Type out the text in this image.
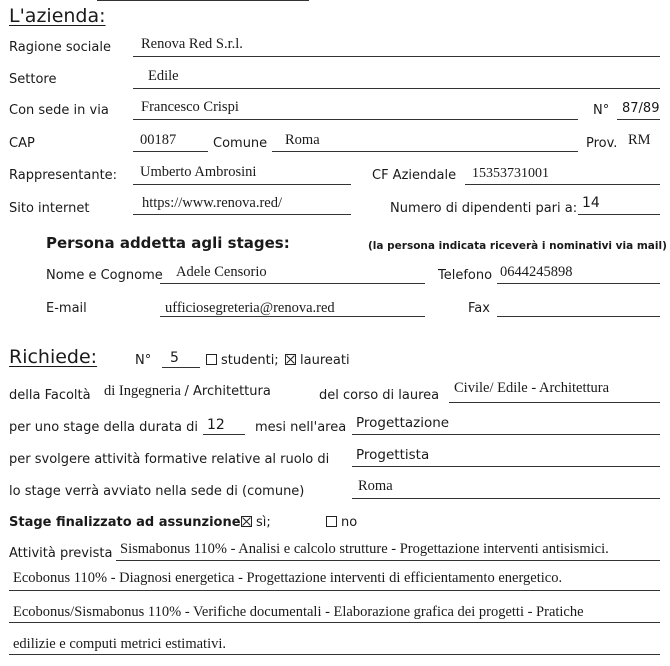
L'azienda:
Ragione sociale Renova Red S.r.l.
Settore	Edile
Con sede in via Francesco Crispi	N° 87/89
CAP	00187	Comune Roma	Prov. RM
Rappresentante: Umberto Ambrosini	CF Aziendale 15353731001
Sito internet	https://www.renova.red/	Numero di dipendenti pari a: 14
Persona addetta agli stages:	(la persona indicata riceverà i nominativi via mail)
Nome e Cognome Adele Censorio	Telefono 0644245898
E-mail	ufficiosegreteria@renova.red	Fax
Richiede:	N° 5	studenti;	laureati
della Facoltà di Ingegneria / Architettura	del corso di laurea Civile/ Edile - Architettura
per uno stage della durata di 12 mesi nell'area Progettazione
per svolgere attività formative relative al ruolo di Progettista
lo stage verrà avviato nella sede di (comune)	Roma
Stage finalizzato ad assunzione	sì;	no
Attività prevista Sismabonus 110% - Analisi e calcolo strutture - Progettazione interventi antisismici.
Ecobonus 110% - Diagnosi energetica - Progettazione interventi di efficientamento energetico.
Ecobonus/Sismabonus 110% - Verifiche documentali - Elaborazione grafica dei progetti - Pratiche
edilizie e computi metrici estimativi.
